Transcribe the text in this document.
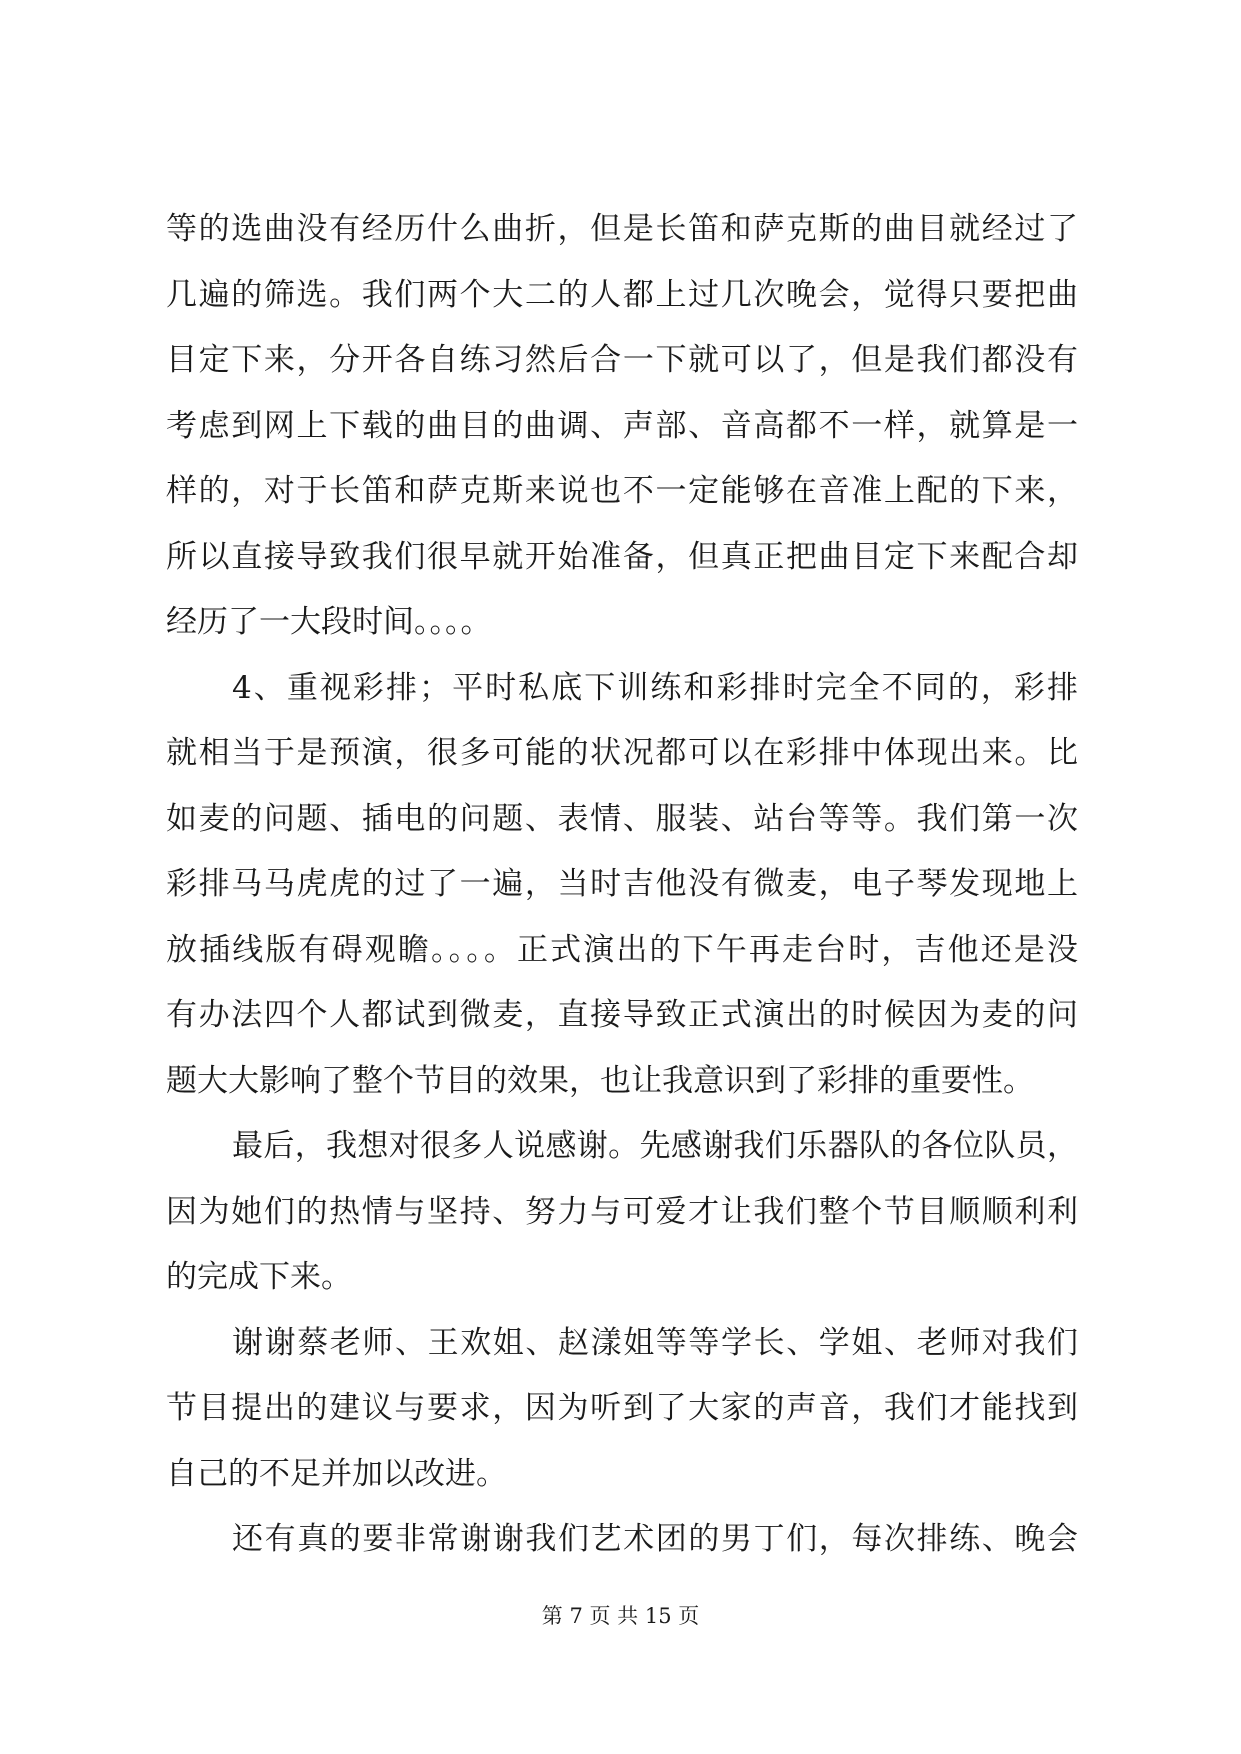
等的选曲没有经历什么曲折，但是长笛和萨克斯的曲目就经过了
几遍的筛选。我们两个大二的人都上过几次晚会，觉得只要把曲
目定下来，分开各自练习然后合一下就可以了，但是我们都没有
考虑到网上下载的曲目的曲调、声部、音高都不一样，就算是一
样的，对于长笛和萨克斯来说也不一定能够在音准上配的下来，
所以直接导致我们很早就开始准备，但真正把曲目定下来配合却
经历了一大段时间。。。。
4、重视彩排；平时私底下训练和彩排时完全不同的，彩排
就相当于是预演，很多可能的状况都可以在彩排中体现出来。比
如麦的问题、插电的问题、表情、服装、站台等等。我们第一次
彩排马马虎虎的过了一遍，当时吉他没有微麦，电子琴发现地上
放插线版有碍观瞻。。。。正式演出的下午再走台时，吉他还是没
有办法四个人都试到微麦，直接导致正式演出的时候因为麦的问
题大大影响了整个节目的效果，也让我意识到了彩排的重要性。
最后，我想对很多人说感谢。先感谢我们乐器队的各位队员，
因为她们的热情与坚持、努力与可爱才让我们整个节目顺顺利利
的完成下来。
谢谢蔡老师、王欢姐、赵漾姐等等学长、学姐、老师对我们
节目提出的建议与要求，因为听到了大家的声音，我们才能找到
自己的不足并加以改进。
还有真的要非常谢谢我们艺术团的男丁们，每次排练、晚会
第 7 页 共 15 页
